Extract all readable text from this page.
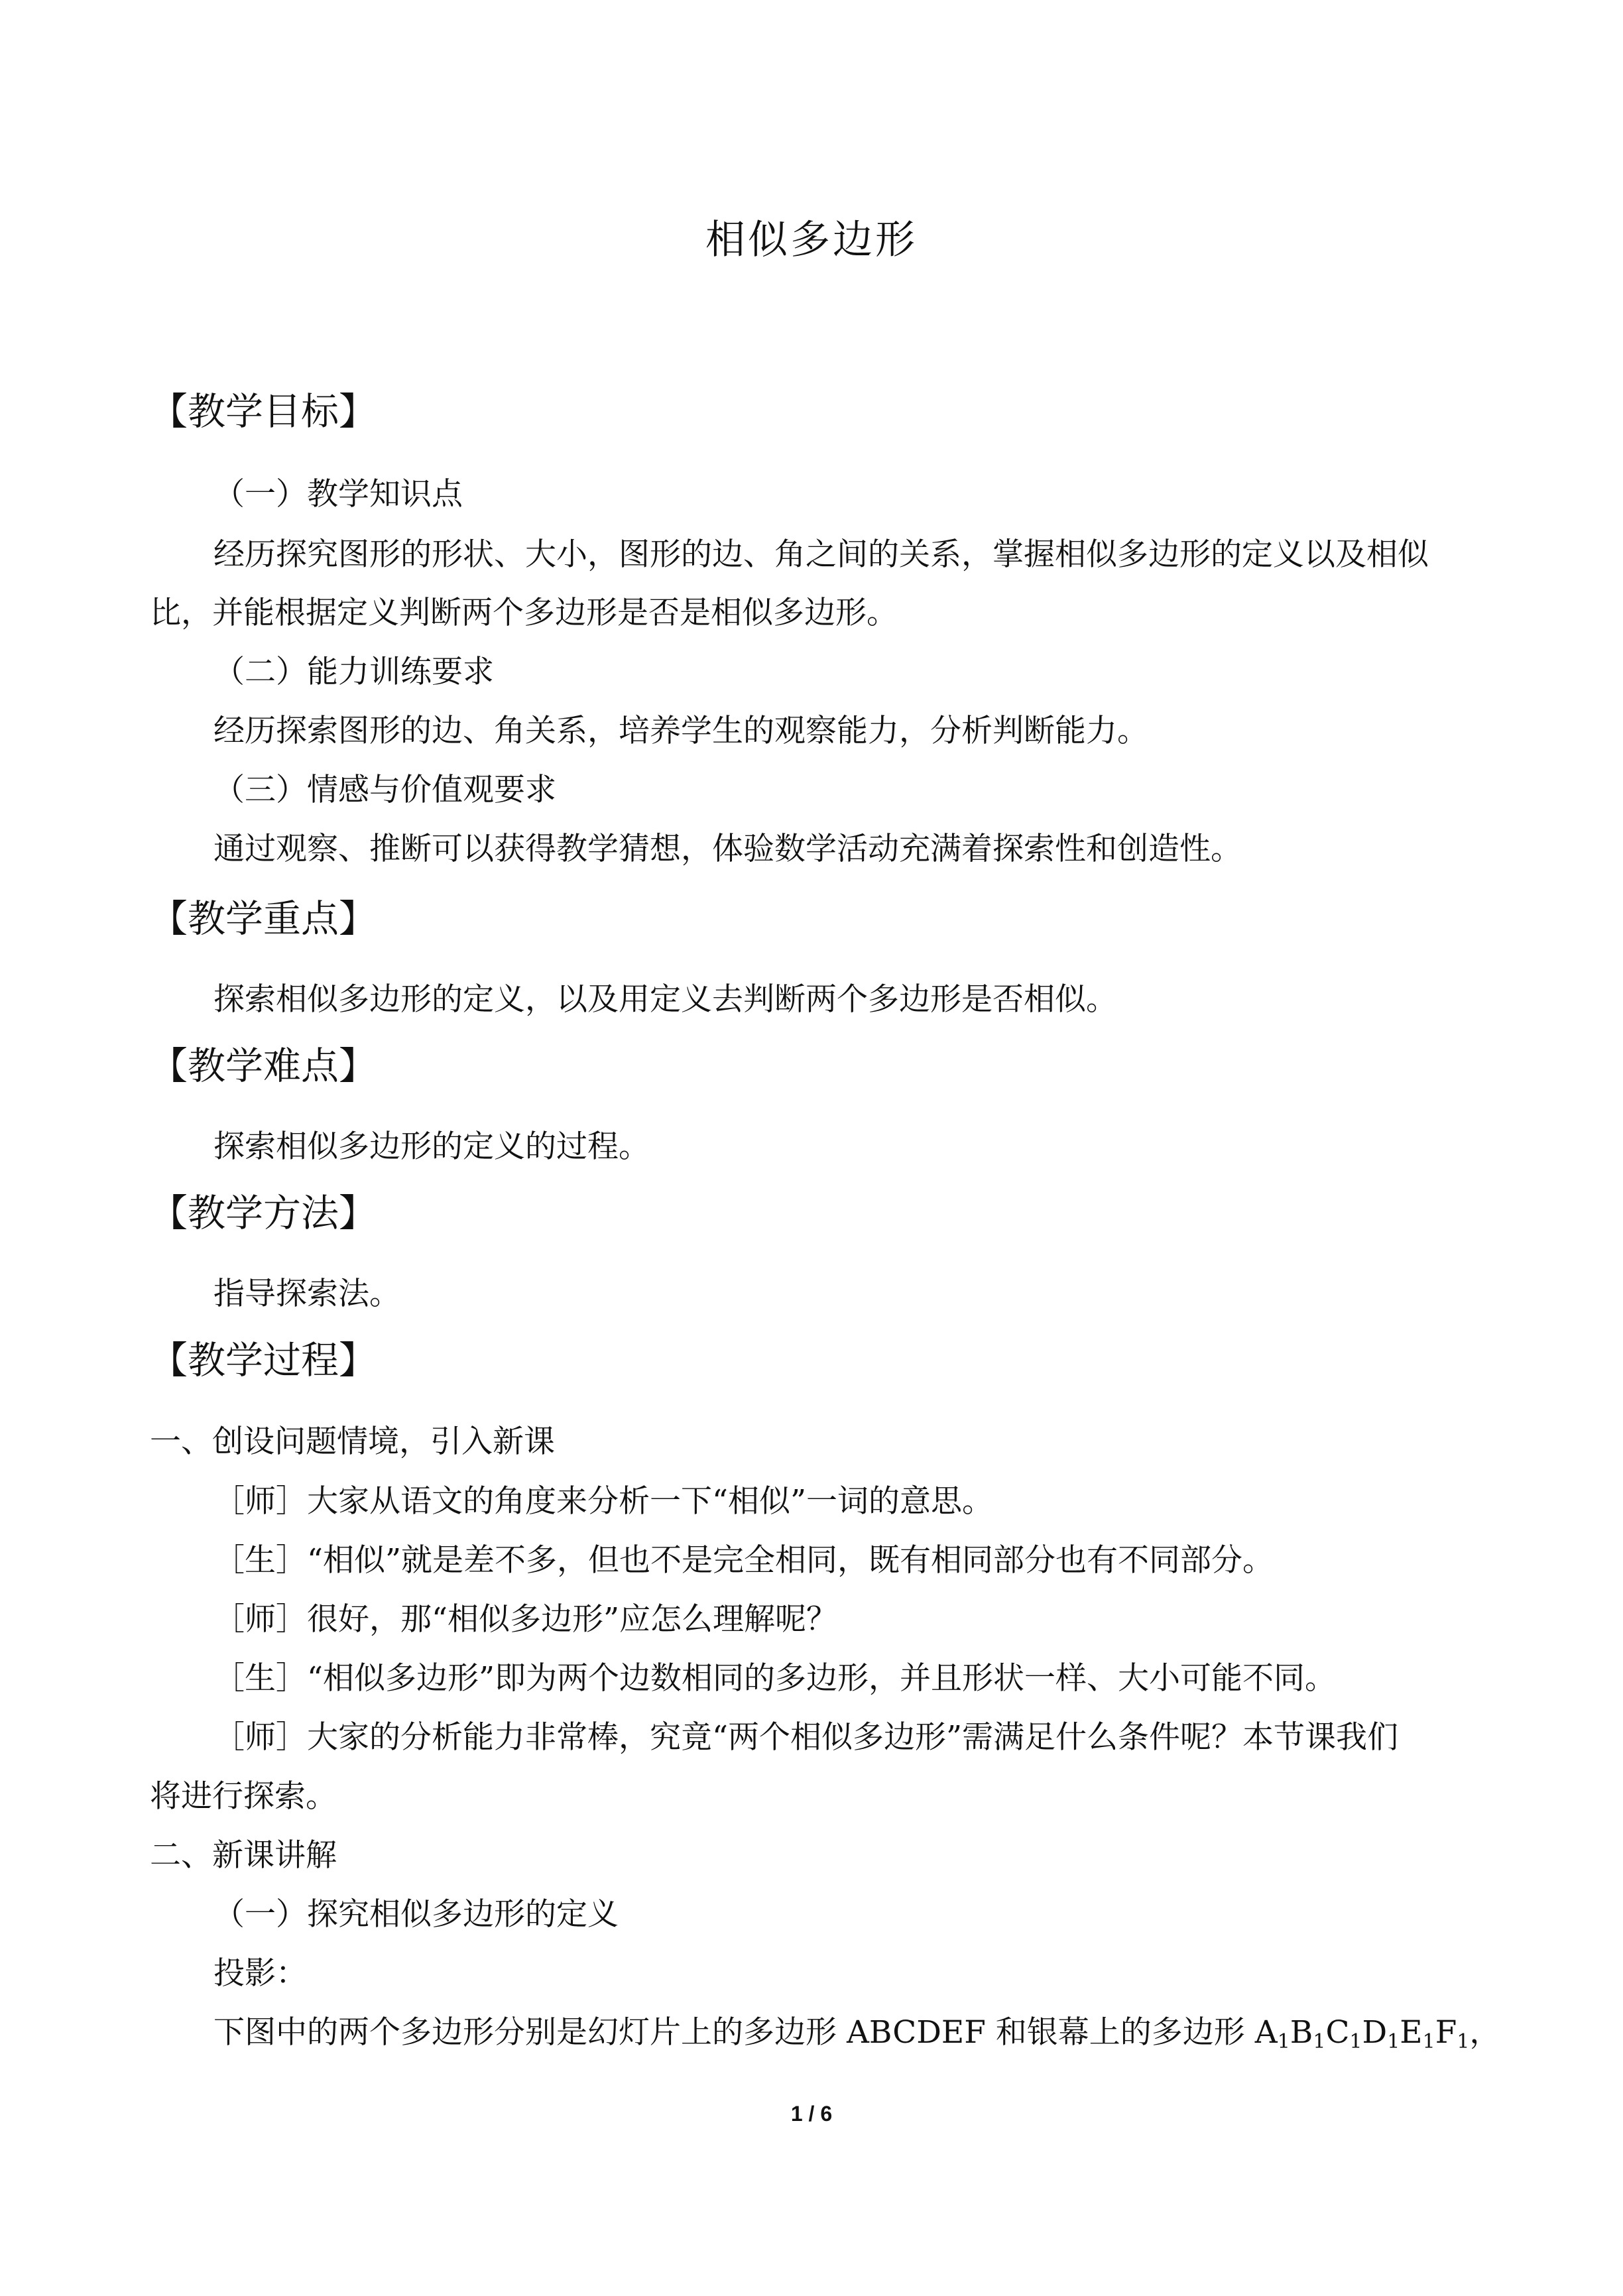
相似多边形
【教学目标】
（一）教学知识点
经历探究图形的形状、大小，图形的边、角之间的关系，掌握相似多边形的定义以及相似
比，并能根据定义判断两个多边形是否是相似多边形。
（二）能力训练要求
经历探索图形的边、角关系，培养学生的观察能力，分析判断能力。
（三）情感与价值观要求
通过观察、推断可以获得教学猜想，体验数学活动充满着探索性和创造性。
【教学重点】
探索相似多边形的定义，以及用定义去判断两个多边形是否相似。
【教学难点】
探索相似多边形的定义的过程。
【教学方法】
指导探索法。
【教学过程】
一、创设问题情境，引入新课
［师］大家从语文的角度来分析一下“相似”一词的意思。
［生］“相似”就是差不多，但也不是完全相同，既有相同部分也有不同部分。
［师］很好，那“相似多边形”应怎么理解呢？
［生］“相似多边形”即为两个边数相同的多边形，并且形状一样、大小可能不同。
［师］大家的分析能力非常棒，究竟“两个相似多边形”需满足什么条件呢？本节课我们
将进行探索。
二、新课讲解
（一）探究相似多边形的定义
投影：
下图中的两个多边形分别是幻灯片上的多边形 ABCDEF 和银幕上的多边形 $A_1B_1C_1D_1E_1F_1$，
1 / 6
